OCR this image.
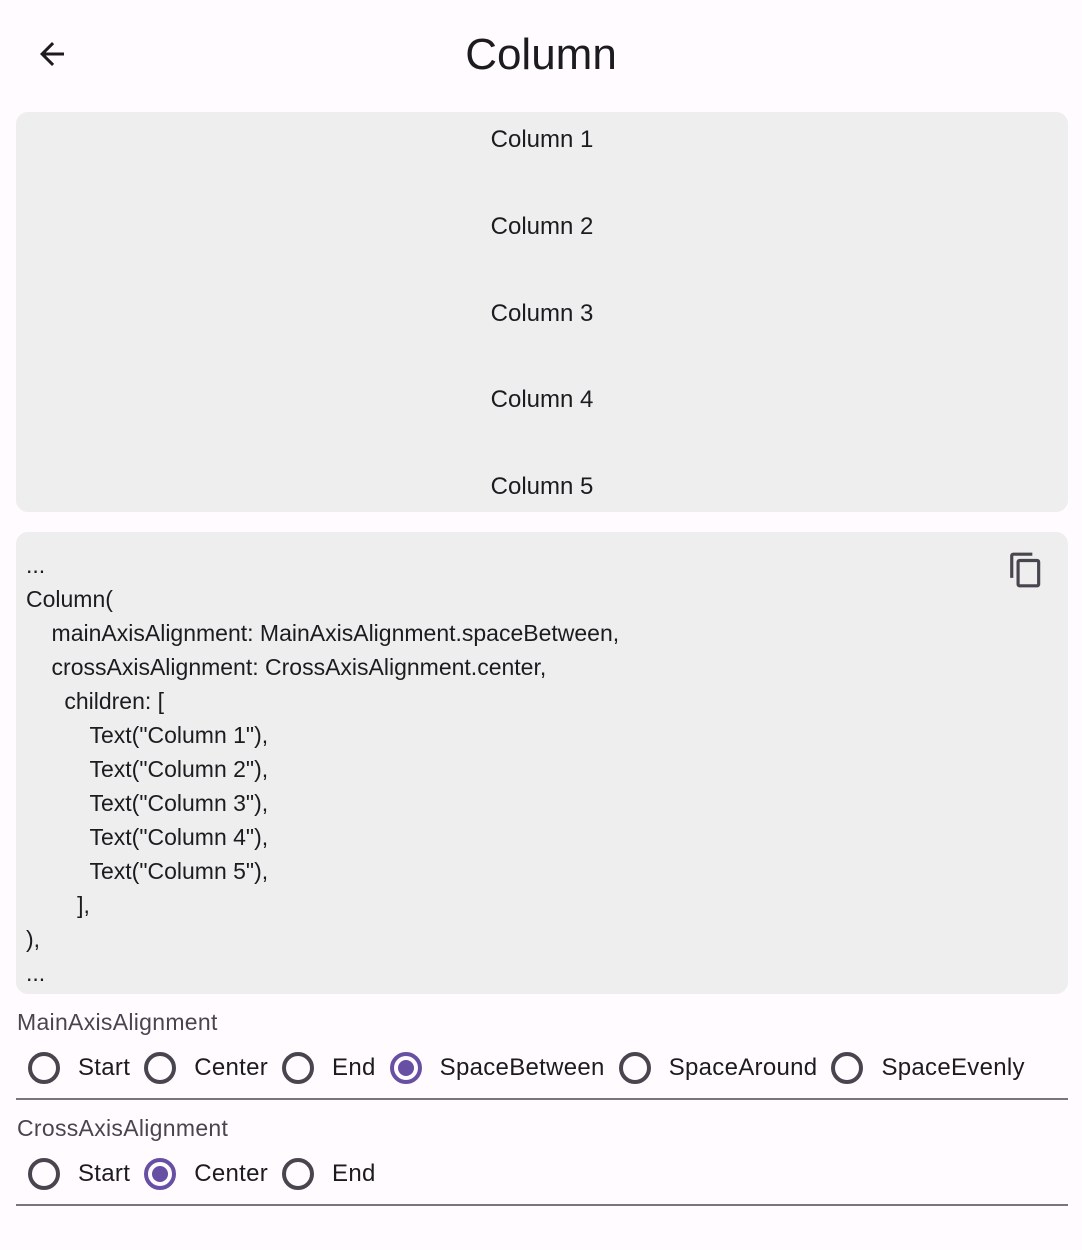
Column
Column 1
Column 2
Column 3
Column 4
Column 5
...
Column(
mainAxisAlignment: MainAxisAlignment.spaceBetween,
crossAxisAlignment: CrossAxisAlignment.center,
children: [
Text("Column 1"),
Text("Column 2"),
Text("Column 3"),
Text("Column 4"),
Text("Column 5"),
],
),
...
MainAxisAlignment
Start	Center	End	SpaceBetween	SpaceAround	SpaceEvenly
CrossAxisAlignment
Start	Center	End
